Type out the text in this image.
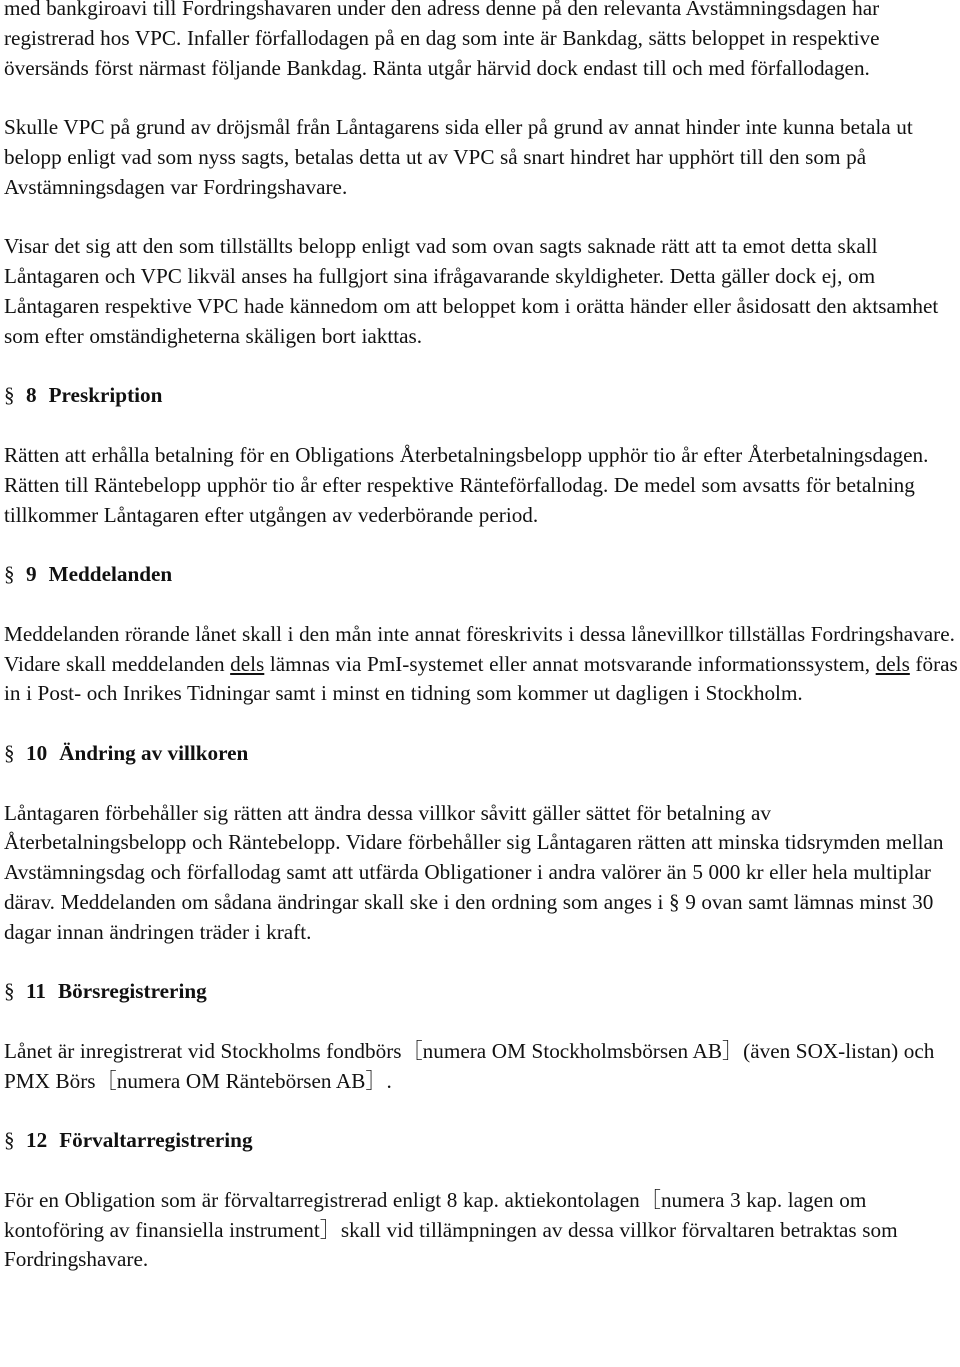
med bankgiroavi till Fordringshavaren under den adress denne på den relevanta Avstämningsdagen har registrerad hos VPC. Infaller förfallodagen på en dag som inte är Bankdag, sätts beloppet in respektive översänds först närmast följande Bankdag. Ränta utgår härvid dock endast till och med förfallodagen.

Skulle VPC på grund av dröjsmål från Låntagarens sida eller på grund av annat hinder inte kunna betala ut belopp enligt vad som nyss sagts, betalas detta ut av VPC så snart hindret har upphört till den som på Avstämningsdagen var Fordringshavare.

Visar det sig att den som tillställts belopp enligt vad som ovan sagts saknade rätt att ta emot detta skall Låntagaren och VPC likväl anses ha fullgjort sina ifrågavarande skyldigheter. Detta gäller dock ej, om Låntagaren respektive VPC hade kännedom om att beloppet kom i orätta händer eller åsidosatt den aktsamhet som efter omständigheterna skäligen bort iakttas.

§ 8 Preskription

Rätten att erhålla betalning för en Obligations Återbetalningsbelopp upphör tio år efter Återbetalningsdagen. Rätten till Räntebelopp upphör tio år efter respektive Ränteförfallodag. De medel som avsatts för betalning tillkommer Låntagaren efter utgången av vederbörande period.

§ 9 Meddelanden

Meddelanden rörande lånet skall i den mån inte annat föreskrivits i dessa lånevillkor tillställas Fordringshavare. Vidare skall meddelanden dels lämnas via PmI-systemet eller annat motsvarande informationssystem, dels föras in i Post- och Inrikes Tidningar samt i minst en tidning som kommer ut dagligen i Stockholm.

§ 10 Ändring av villkoren

Låntagaren förbehåller sig rätten att ändra dessa villkor såvitt gäller sättet för betalning av Återbetalningsbelopp och Räntebelopp. Vidare förbehåller sig Låntagaren rätten att minska tidsrymden mellan Avstämningsdag och förfallodag samt att utfärda Obligationer i andra valörer än 5 000 kr eller hela multiplar därav. Meddelanden om sådana ändringar skall ske i den ordning som anges i § 9 ovan samt lämnas minst 30 dagar innan ändringen träder i kraft.

§ 11 Börsregistrering

Lånet är inregistrerat vid Stockholms fondbörs［numera OM Stockholmsbörsen AB］(även SOX-listan) och PMX Börs［numera OM Räntebörsen AB］.

§ 12 Förvaltarregistrering

För en Obligation som är förvaltarregistrerad enligt 8 kap. aktiekontolagen［numera 3 kap. lagen om kontoföring av finansiella instrument］skall vid tillämpningen av dessa villkor förvaltaren betraktas som Fordringshavare.
